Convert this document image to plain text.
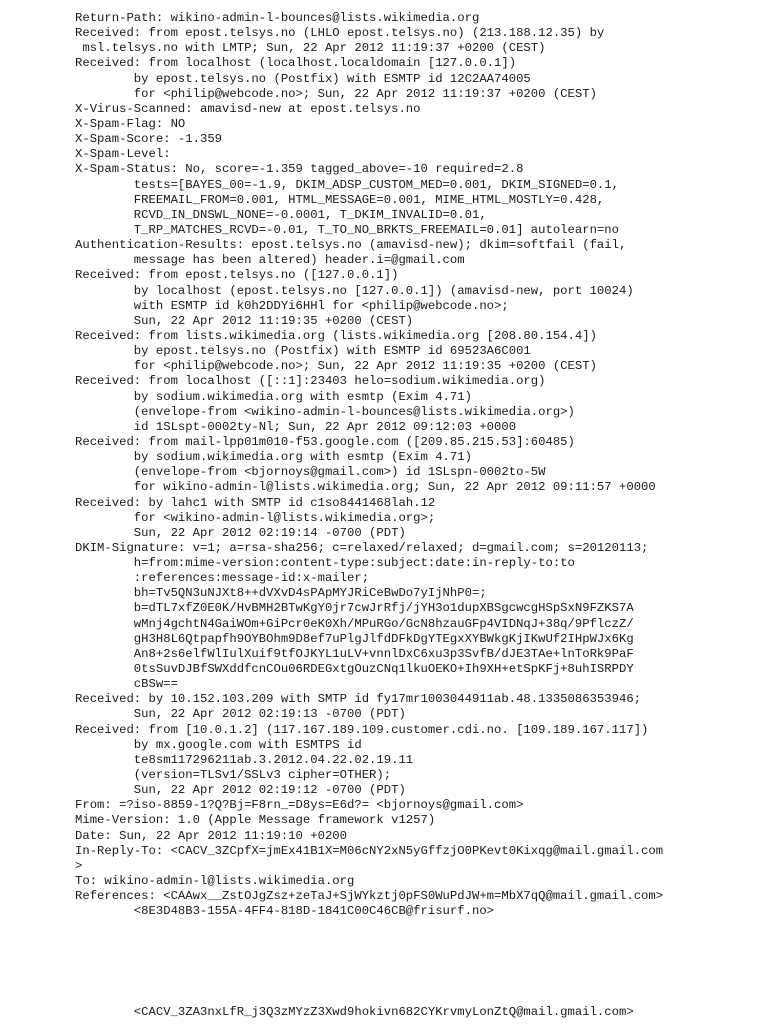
Return-Path: wikino-admin-l-bounces@lists.wikimedia.org
Received: from epost.telsys.no (LHLO epost.telsys.no) (213.188.12.35) by
msl.telsys.no with LMTP; Sun, 22 Apr 2012 11:19:37 +0200 (CEST)
Received: from localhost (localhost.localdomain [127.0.0.1])
by epost.telsys.no (Postfix) with ESMTP id 12C2AA74005
for <philip@webcode.no>; Sun, 22 Apr 2012 11:19:37 +0200 (CEST)
X-Virus-Scanned: amavisd-new at epost.telsys.no
X-Spam-Flag: NO
X-Spam-Score: -1.359
X-Spam-Level:
X-Spam-Status: No, score=-1.359 tagged_above=-10 required=2.8
tests=[BAYES_00=-1.9, DKIM_ADSP_CUSTOM_MED=0.001, DKIM_SIGNED=0.1,
FREEMAIL_FROM=0.001, HTML_MESSAGE=0.001, MIME_HTML_MOSTLY=0.428,
RCVD_IN_DNSWL_NONE=-0.0001, T_DKIM_INVALID=0.01,
T_RP_MATCHES_RCVD=-0.01, T_TO_NO_BRKTS_FREEMAIL=0.01] autolearn=no
Authentication-Results: epost.telsys.no (amavisd-new); dkim=softfail (fail,
message has been altered) header.i=@gmail.com
Received: from epost.telsys.no ([127.0.0.1])
by localhost (epost.telsys.no [127.0.0.1]) (amavisd-new, port 10024)
with ESMTP id k0h2DDYi6HHl for <philip@webcode.no>;
Sun, 22 Apr 2012 11:19:35 +0200 (CEST)
Received: from lists.wikimedia.org (lists.wikimedia.org [208.80.154.4])
by epost.telsys.no (Postfix) with ESMTP id 69523A6C001
for <philip@webcode.no>; Sun, 22 Apr 2012 11:19:35 +0200 (CEST)
Received: from localhost ([::1]:23403 helo=sodium.wikimedia.org)
by sodium.wikimedia.org with esmtp (Exim 4.71)
(envelope-from <wikino-admin-l-bounces@lists.wikimedia.org>)
id 1SLspt-0002ty-Nl; Sun, 22 Apr 2012 09:12:03 +0000
Received: from mail-lpp01m010-f53.google.com ([209.85.215.53]:60485)
by sodium.wikimedia.org with esmtp (Exim 4.71)
(envelope-from <bjornoys@gmail.com>) id 1SLspn-0002to-5W
for wikino-admin-l@lists.wikimedia.org; Sun, 22 Apr 2012 09:11:57 +0000
Received: by lahc1 with SMTP id c1so8441468lah.12
for <wikino-admin-l@lists.wikimedia.org>;
Sun, 22 Apr 2012 02:19:14 -0700 (PDT)
DKIM-Signature: v=1; a=rsa-sha256; c=relaxed/relaxed; d=gmail.com; s=20120113;
h=from:mime-version:content-type:subject:date:in-reply-to:to
:references:message-id:x-mailer;
bh=Tv5QN3uNJXt8++dVXvD4sPApMYJRiCeBwDo7yIjNhP0=;
b=dTL7xfZ0E0K/HvBMH2BTwKgY0jr7cwJrRfj/jYH3o1dupXBSgcwcgHSpSxN9FZKS7A
wMnj4gchtN4GaiWOm+GiPcr0eK0Xh/MPuRGo/GcN8hzauGFp4VIDNqJ+38q/9PflczZ/
gH3H8L6Qtpapfh9OYBOhm9D8ef7uPlgJlfdDFkDgYTEgxXYBWkgKjIKwUf2IHpWJx6Kg
An8+2s6elfWlIulXuif9tfOJKYL1uLV+vnnlDxC6xu3p3SvfB/dJE3TAe+lnToRk9PaF
0tsSuvDJBfSWXddfcnCOu06RDEGxtgOuzCNq1lkuOEKO+Ih9XH+etSpKFj+8uhISRPDY
cBSw==
Received: by 10.152.103.209 with SMTP id fy17mr1003044911ab.48.1335086353946;
Sun, 22 Apr 2012 02:19:13 -0700 (PDT)
Received: from [10.0.1.2] (117.167.189.109.customer.cdi.no. [109.189.167.117])
by mx.google.com with ESMTPS id
te8sm117296211ab.3.2012.04.22.02.19.11
(version=TLSv1/SSLv3 cipher=OTHER);
Sun, 22 Apr 2012 02:19:12 -0700 (PDT)
From: =?iso-8859-1?Q?Bj=F8rn_=D8ys=E6d?= <bjornoys@gmail.com>
Mime-Version: 1.0 (Apple Message framework v1257)
Date: Sun, 22 Apr 2012 11:19:10 +0200
In-Reply-To: <CACV_3ZCpfX=jmEx41B1X=M06cNY2xN5yGffzjO0PKevt0Kixqg@mail.gmail.com
>
To: wikino-admin-l@lists.wikimedia.org
References: <CAAwx__ZstOJgZsz+zeTaJ+SjWYkztj0pFS0WuPdJW+m=MbX7qQ@mail.gmail.com>
<8E3D48B3-155A-4FF4-818D-1841C00C46CB@frisurf.no>
<CACV_3ZA3nxLfR_j3Q3zMYzZ3Xwd9hokivn682CYKrvmyLonZtQ@mail.gmail.com>
